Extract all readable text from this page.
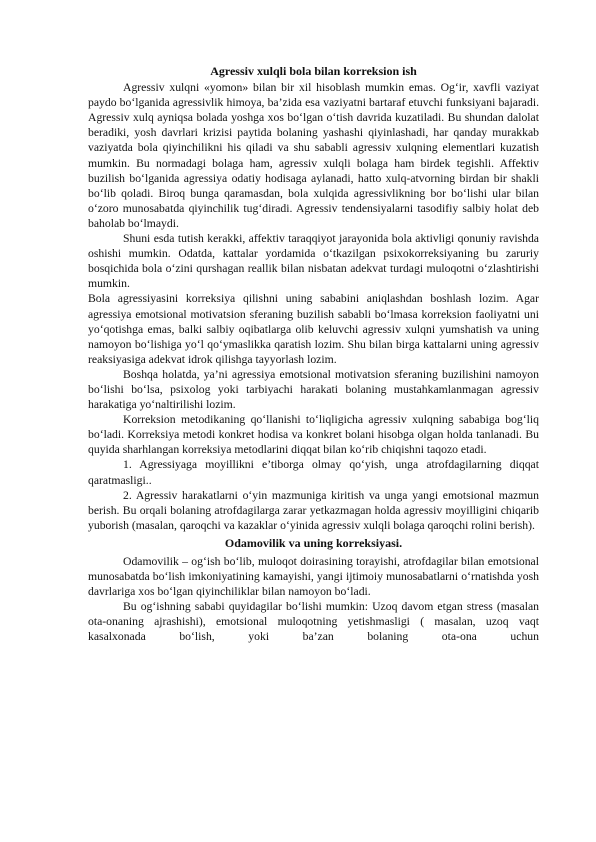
Agressiv xulqli bola bilan korreksion ish

Agressiv xulqni «yomon» bilan bir xil hisoblash mumkin emas. Og‘ir, xavfli vaziyat paydo bo‘lganida agressivlik himoya, ba’zida esa vaziyatni bartaraf etuvchi funksiyani bajaradi. Agressiv xulq ayniqsa bolada yoshga xos bo‘lgan o‘tish davrida kuzatiladi. Bu shundan dalolat beradiki, yosh davrlari krizisi paytida bolaning yashashi qiyinlashadi, har qanday murakkab vaziyatda bola qiyinchilikni his qiladi va shu sababli agressiv xulqning elementlari kuzatish mumkin. Bu normadagi bolaga ham, agressiv xulqli bolaga ham birdek tegishli. Affektiv buzilish bo‘lganida agressiya odatiy hodisaga aylanadi, hatto xulq-atvorning birdan bir shakli bo‘lib qoladi. Biroq bunga qaramasdan, bola xulqida agressivlikning bor bo‘lishi ular bilan o‘zoro munosabatda qiyinchilik tug‘diradi. Agressiv tendensiyalarni tasodifiy salbiy holat deb baholab bo‘lmaydi.

Shuni esda tutish kerakki, affektiv taraqqiyot jarayonida bola aktivligi qonuniy ravishda oshishi mumkin. Odatda, kattalar yordamida o‘tkazilgan psixokorreksiyaning bu zaruriy bosqichida bola o‘zini qurshagan reallik bilan nisbatan adekvat turdagi muloqotni o‘zlashtirishi mumkin.

Bola agressiyasini korreksiya qilishni uning sababini aniqlashdan boshlash lozim. Agar agressiya emotsional motivatsion sferaning buzilish sababli bo‘lmasa korreksion faoliyatni uni yo‘qotishga emas, balki salbiy oqibatlarga olib keluvchi agressiv xulqni yumshatish va uning namoyon bo‘lishiga yo‘l qo‘ymaslikka qaratish lozim. Shu bilan birga kattalarni uning agressiv reaksiyasiga adekvat idrok qilishga tayyorlash lozim.

Boshqa holatda, ya’ni agressiya emotsional motivatsion sferaning buzilishini namoyon bo‘lishi bo‘lsa, psixolog yoki tarbiyachi harakati bolaning mustahkamlanmagan agressiv harakatiga yo‘naltirilishi lozim.

Korreksion metodikaning qo‘llanishi to‘liqligicha agressiv xulqning sababiga bog‘liq bo‘ladi. Korreksiya metodi konkret hodisa va konkret bolani hisobga olgan holda tanlanadi. Bu quyida sharhlangan korreksiya metodlarini diqqat bilan ko‘rib chiqishni taqozo etadi.

1. Agressiyaga moyillikni e’tiborga olmay qo‘yish, unga atrofdagilarning diqqat qaratmasligi..

2. Agressiv harakatlarni o‘yin mazmuniga kiritish va unga yangi emotsional mazmun berish. Bu orqali bolaning atrofdagilarga zarar yetkazmagan holda agressiv moyilligini chiqarib yuborish (masalan, qaroqchi va kazaklar o‘yinida agressiv xulqli bolaga qaroqchi rolini berish).

Odamovilik va uning korreksiyasi.

Odamovilik – og‘ish bo‘lib, muloqot doirasining torayishi, atrofdagilar bilan emotsional munosabatda bo‘lish imkoniyatining kamayishi, yangi ijtimoiy munosabatlarni o‘rnatishda yosh davrlariga xos bo‘lgan qiyinchiliklar bilan namoyon bo‘ladi.

Bu og‘ishning sababi quyidagilar bo‘lishi mumkin: Uzoq davom etgan stress (masalan ota-onaning ajrashishi), emotsional muloqotning yetishmasligi ( masalan, uzoq vaqt kasalxonada bo‘lish, yoki ba’zan bolaning ota-ona uchun
